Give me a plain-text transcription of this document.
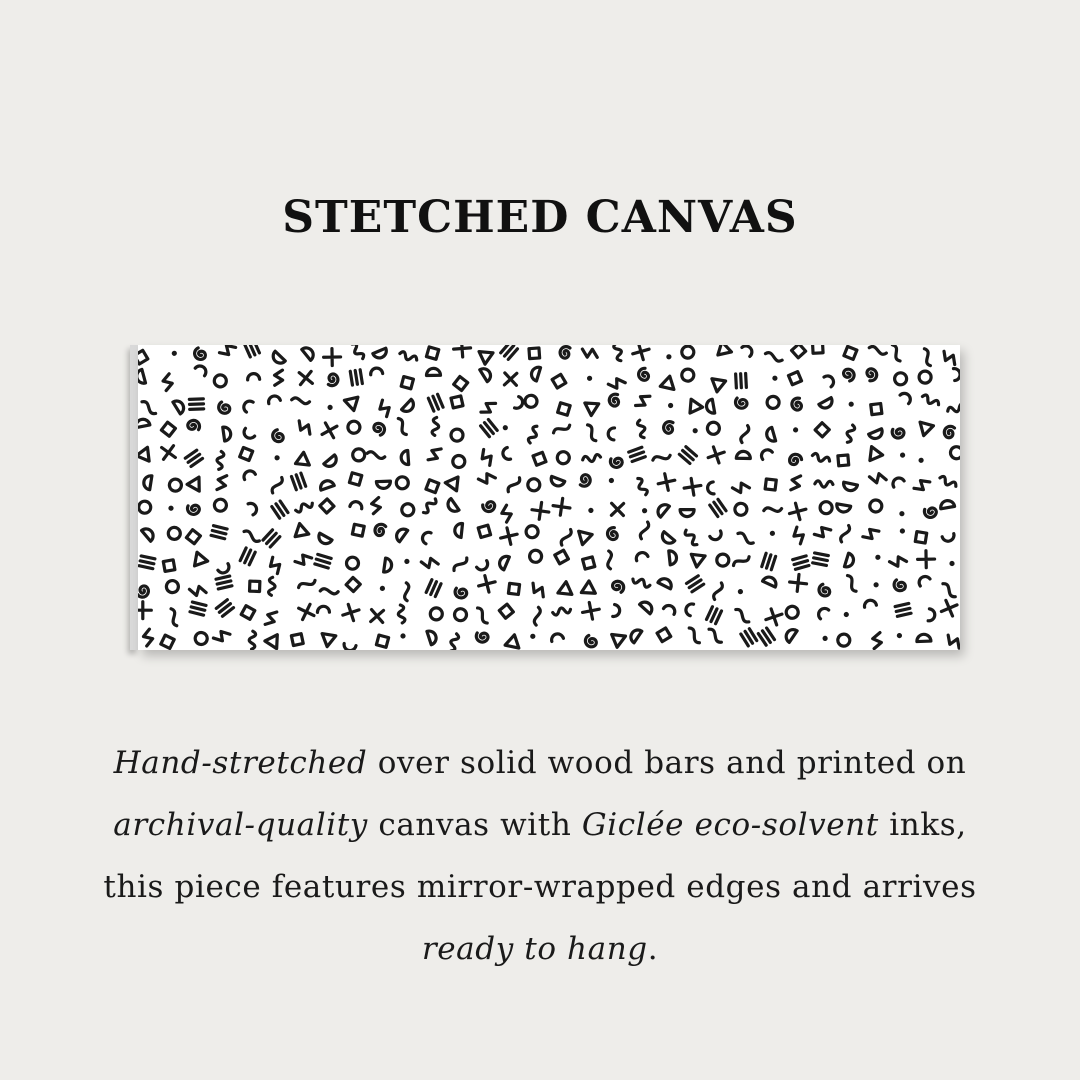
STETCHED CANVAS

Hand-stretched over solid wood bars and printed on archival-quality canvas with Giclée eco-solvent inks, this piece features mirror-wrapped edges and arrives ready to hang.
